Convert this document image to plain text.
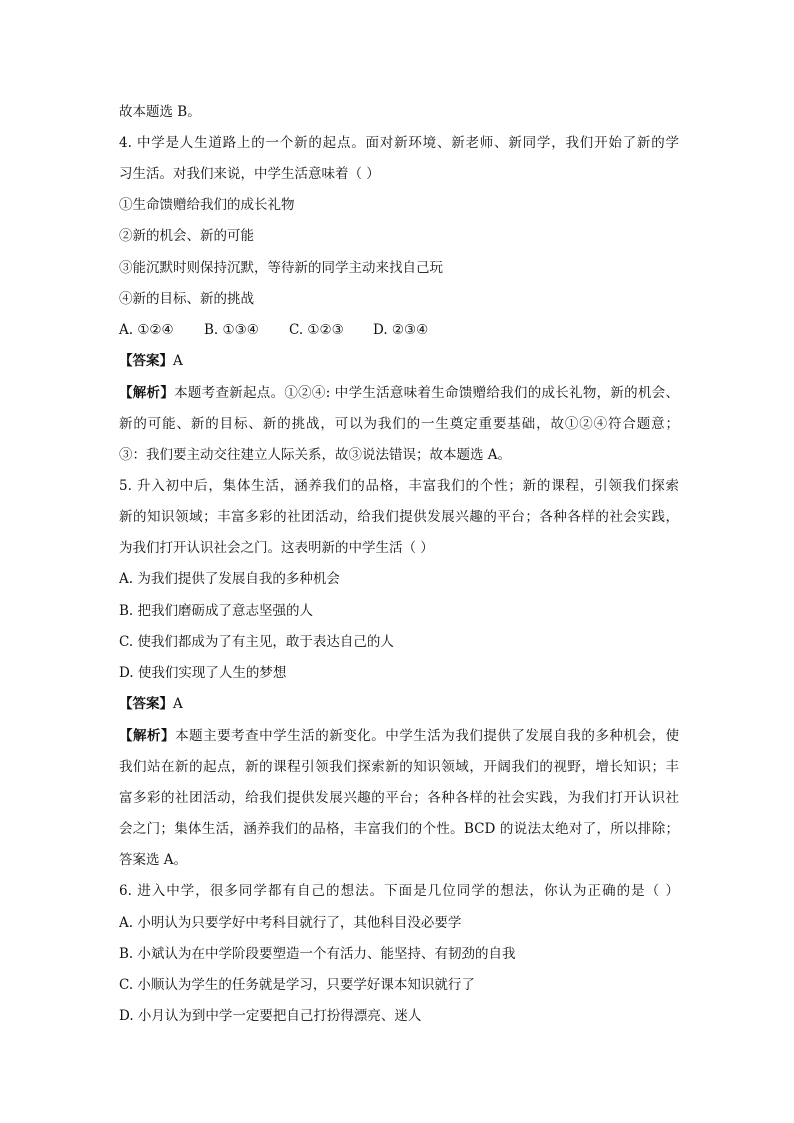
故本题选 B。
4. 中学是人生道路上的一个新的起点。面对新环境、新老师、新同学，我们开始了新的学
习生活。对我们来说，中学生活意味着（ ）
①生命馈赠给我们的成长礼物
②新的机会、新的可能
③能沉默时则保持沉默，等待新的同学主动来找自己玩
④新的目标、新的挑战
A. ①②④ B. ①③④ C. ①②③ D. ②③④
【答案】A
【解析】本题考查新起点。①②④: 中学生活意味着生命馈赠给我们的成长礼物，新的机会、
新的可能、新的目标、新的挑战，可以为我们的一生奠定重要基础，故①②④符合题意；
③：我们要主动交往建立人际关系，故③说法错误；故本题选 A。
5. 升入初中后，集体生活，涵养我们的品格，丰富我们的个性；新的课程，引领我们探索
新的知识领域；丰富多彩的社团活动，给我们提供发展兴趣的平台；各种各样的社会实践，
为我们打开认识社会之门。这表明新的中学生活（ ）
A. 为我们提供了发展自我的多种机会
B. 把我们磨砺成了意志坚强的人
C. 使我们都成为了有主见，敢于表达自己的人
D. 使我们实现了人生的梦想
【答案】A
【解析】本题主要考查中学生活的新变化。中学生活为我们提供了发展自我的多种机会，使
我们站在新的起点，新的课程引领我们探索新的知识领域，开阔我们的视野，增长知识；丰
富多彩的社团活动，给我们提供发展兴趣的平台；各种各样的社会实践，为我们打开认识社
会之门；集体生活，涵养我们的品格，丰富我们的个性。BCD 的说法太绝对了，所以排除；
答案选 A。
6. 进入中学，很多同学都有自己的想法。下面是几位同学的想法，你认为正确的是（ ）
A. 小明认为只要学好中考科目就行了，其他科目没必要学
B. 小斌认为在中学阶段要塑造一个有活力、能坚持、有韧劲的自我
C. 小顺认为学生的任务就是学习，只要学好课本知识就行了
D. 小月认为到中学一定要把自己打扮得漂亮、迷人
